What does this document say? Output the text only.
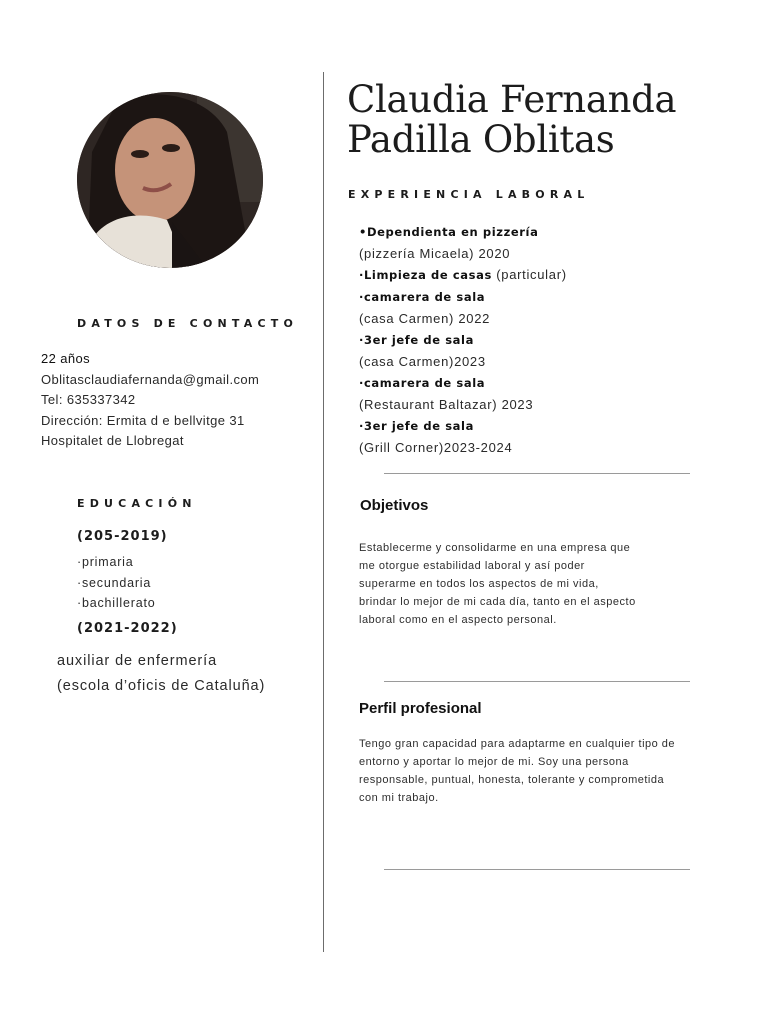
Claudia Fernanda
Padilla Oblitas
DATOS DE CONTACTO
22 años
Oblitasclaudiafernanda@gmail.com
Tel: 635337342
Dirección: Ermita d e bellvitge 31
Hospitalet de Llobregat
EDUCACIÓN
(205-2019)
·primaria
·secundaria
·bachillerato
(2021-2022)
auxiliar de enfermería
(escola d’oficis de Cataluña)
EXPERIENCIA LABORAL
•Dependienta en pizzería
(pizzería Micaela) 2020
·Limpieza de casas (particular)
·camarera de sala
(casa Carmen) 2022
·3er jefe de sala
(casa Carmen)2023
·camarera de sala
(Restaurant Baltazar) 2023
·3er jefe de sala
(Grill Corner)2023-2024
Objetivos
Establecerme y consolidarme en una empresa que
me otorgue estabilidad laboral y así poder
superarme en todos los aspectos de mi vida,
brindar lo mejor de mi cada día, tanto en el aspecto
laboral como en el aspecto personal.
Perfil profesional
Tengo gran capacidad para adaptarme en cualquier tipo de
entorno y aportar lo mejor de mi. Soy una persona
responsable, puntual, honesta, tolerante y comprometida
con mi trabajo.
